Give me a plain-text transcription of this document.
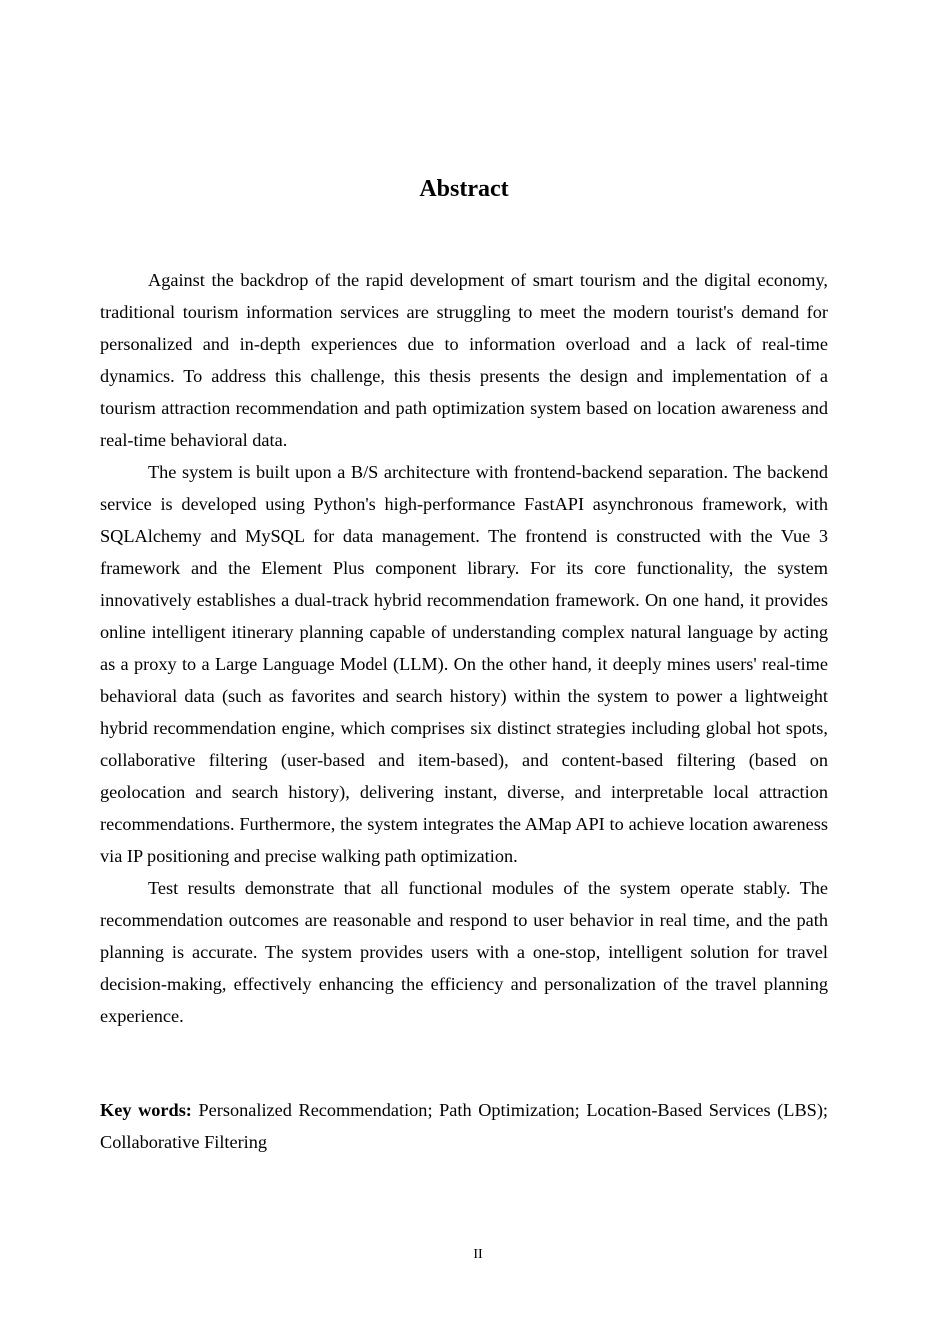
Abstract

Against the backdrop of the rapid development of smart tourism and the digital economy, traditional tourism information services are struggling to meet the modern tourist's demand for personalized and in-depth experiences due to information overload and a lack of real-time dynamics. To address this challenge, this thesis presents the design and implementation of a tourism attraction recommendation and path optimization system based on location awareness and real-time behavioral data.

The system is built upon a B/S architecture with frontend-backend separation. The backend service is developed using Python's high-performance FastAPI asynchronous framework, with SQLAlchemy and MySQL for data management. The frontend is constructed with the Vue 3 framework and the Element Plus component library. For its core functionality, the system innovatively establishes a dual-track hybrid recommendation framework. On one hand, it provides online intelligent itinerary planning capable of understanding complex natural language by acting as a proxy to a Large Language Model (LLM). On the other hand, it deeply mines users' real-time behavioral data (such as favorites and search history) within the system to power a lightweight hybrid recommendation engine, which comprises six distinct strategies including global hot spots, collaborative filtering (user-based and item-based), and content-based filtering (based on geolocation and search history), delivering instant, diverse, and interpretable local attraction recommendations. Furthermore, the system integrates the AMap API to achieve location awareness via IP positioning and precise walking path optimization.

Test results demonstrate that all functional modules of the system operate stably. The recommendation outcomes are reasonable and respond to user behavior in real time, and the path planning is accurate. The system provides users with a one-stop, intelligent solution for travel decision-making, effectively enhancing the efficiency and personalization of the travel planning experience.

Key words: Personalized Recommendation; Path Optimization; Location-Based Services (LBS); Collaborative Filtering

II
